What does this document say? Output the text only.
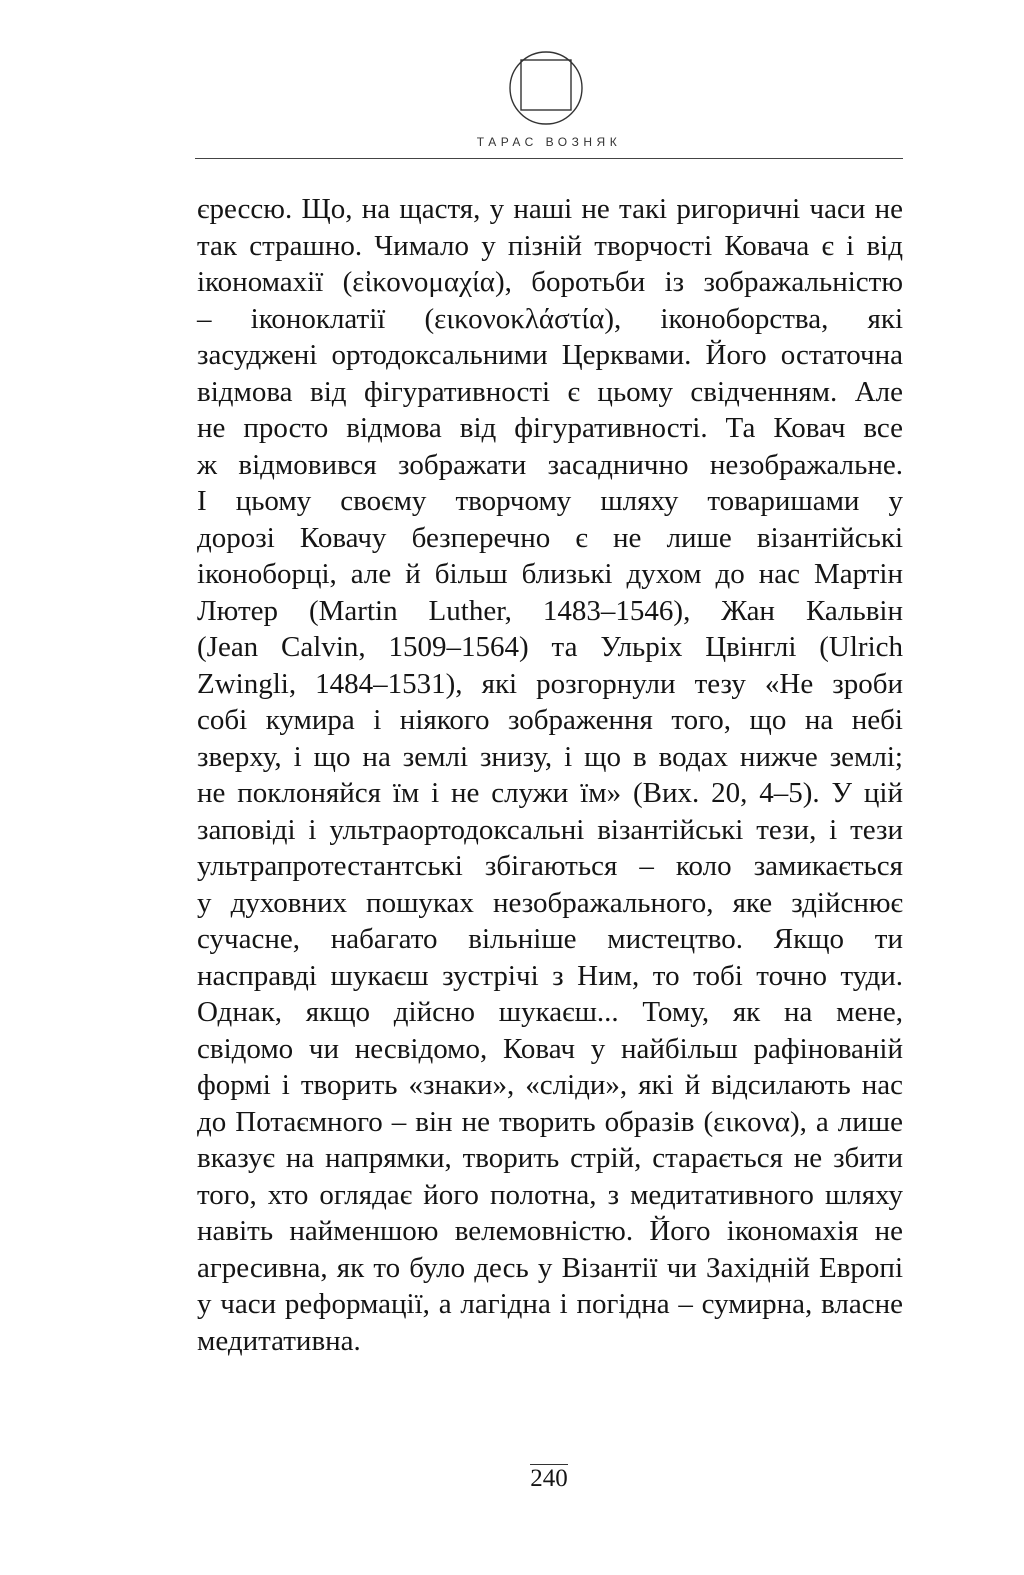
ТАРАС ВОЗНЯК
єрессю. Що, на щастя, у наші не такі ригоричні часи не
так страшно. Чимало у пізній творчості Ковача є і від
ікономахії (εἰκονομαχία), боротьби із зображальністю
– іконоклатії (εικονοκλάστία), іконоборства, які
засуджені ортодоксальними Церквами. Його остаточна
відмова від фігуративності є цьому свідченням. Але
не просто відмова від фігуративності. Та Ковач все
ж відмовився зображати засаднично незображальне.
І цьому своєму творчому шляху товаришами у
дорозі Ковачу безперечно є не лише візантійські
іконоборці, але й більш близькі духом до нас Мартін
Лютер (Martin Luther, 1483–1546), Жан Кальвін
(Jean Calvin, 1509–1564) та Ульріх Цвінглі (Ulrich
Zwingli, 1484–1531), які розгорнули тезу «Не зроби
собі кумира і ніякого зображення того, що на небі
зверху, і що на землі знизу, і що в водах нижче землі;
не поклоняйся їм і не служи їм» (Вих. 20, 4–5). У цій
заповіді і ультраортодоксальні візантійські тези, і тези
ультрапротестантські збігаються – коло замикається
у духовних пошуках незображального, яке здійснює
сучасне, набагато вільніше мистецтво. Якщо ти
насправді шукаєш зустрічі з Ним, то тобі точно туди.
Однак, якщо дійсно шукаєш... Тому, як на мене,
свідомо чи несвідомо, Ковач у найбільш рафінованій
формі і творить «знаки», «сліди», які й відсилають нас
до Потаємного – він не творить образів (εικονα), а лише
вказує на напрямки, творить стрій, старається не збити
того, хто оглядає його полотна, з медитативного шляху
навіть найменшою велемовністю. Його ікономахія не
агресивна, як то було десь у Візантії чи Західній Европі
у часи реформації, а лагідна і погідна – сумирна, власне
медитативна.
240
